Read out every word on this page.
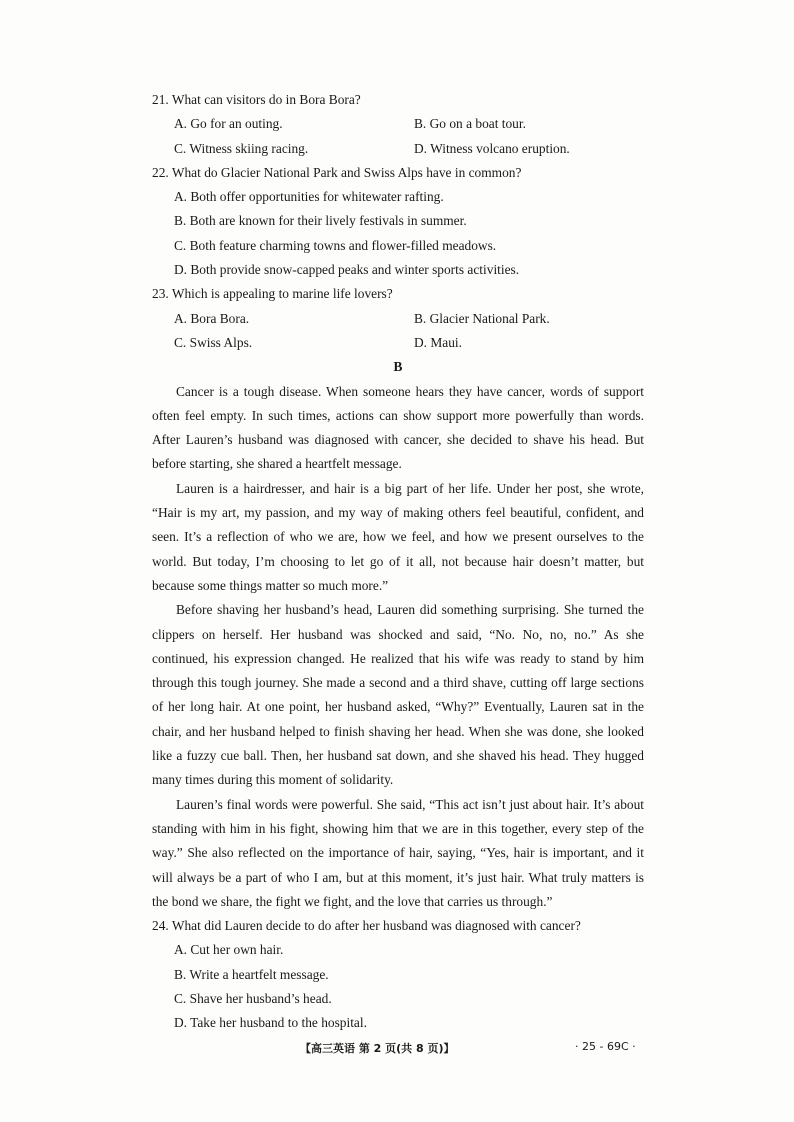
21. What can visitors do in Bora Bora?
A. Go for an outing.	B. Go on a boat tour.
C. Witness skiing racing.	D. Witness volcano eruption.
22. What do Glacier National Park and Swiss Alps have in common?
A. Both offer opportunities for whitewater rafting.
B. Both are known for their lively festivals in summer.
C. Both feature charming towns and flower-filled meadows.
D. Both provide snow-capped peaks and winter sports activities.
23. Which is appealing to marine life lovers?
A. Bora Bora.	B. Glacier National Park.
C. Swiss Alps.	D. Maui.
B

Cancer is a tough disease. When someone hears they have cancer, words of support often feel empty. In such times, actions can show support more powerfully than words. After Lauren’s husband was diagnosed with cancer, she decided to shave his head. But before starting, she shared a heartfelt message.

Lauren is a hairdresser, and hair is a big part of her life. Under her post, she wrote, “Hair is my art, my passion, and my way of making others feel beautiful, confident, and seen. It’s a reflection of who we are, how we feel, and how we present ourselves to the world. But today, I’m choosing to let go of it all, not because hair doesn’t matter, but because some things matter so much more.”

Before shaving her husband’s head, Lauren did something surprising. She turned the clippers on herself. Her husband was shocked and said, “No. No, no, no.” As she continued, his expression changed. He realized that his wife was ready to stand by him through this tough journey. She made a second and a third shave, cutting off large sections of her long hair. At one point, her husband asked, “Why?” Eventually, Lauren sat in the chair, and her husband helped to finish shaving her head. When she was done, she looked like a fuzzy cue ball. Then, her husband sat down, and she shaved his head. They hugged many times during this moment of solidarity.

Lauren’s final words were powerful. She said, “This act isn’t just about hair. It’s about standing with him in his fight, showing him that we are in this together, every step of the way.” She also reflected on the importance of hair, saying, “Yes, hair is important, and it will always be a part of who I am, but at this moment, it’s just hair. What truly matters is the bond we share, the fight we fight, and the love that carries us through.”

24. What did Lauren decide to do after her husband was diagnosed with cancer?
A. Cut her own hair.
B. Write a heartfelt message.
C. Shave her husband’s head.
D. Take her husband to the hospital.
【高三英语 第 2 页(共 8 页)】	· 25 - 69C ·
